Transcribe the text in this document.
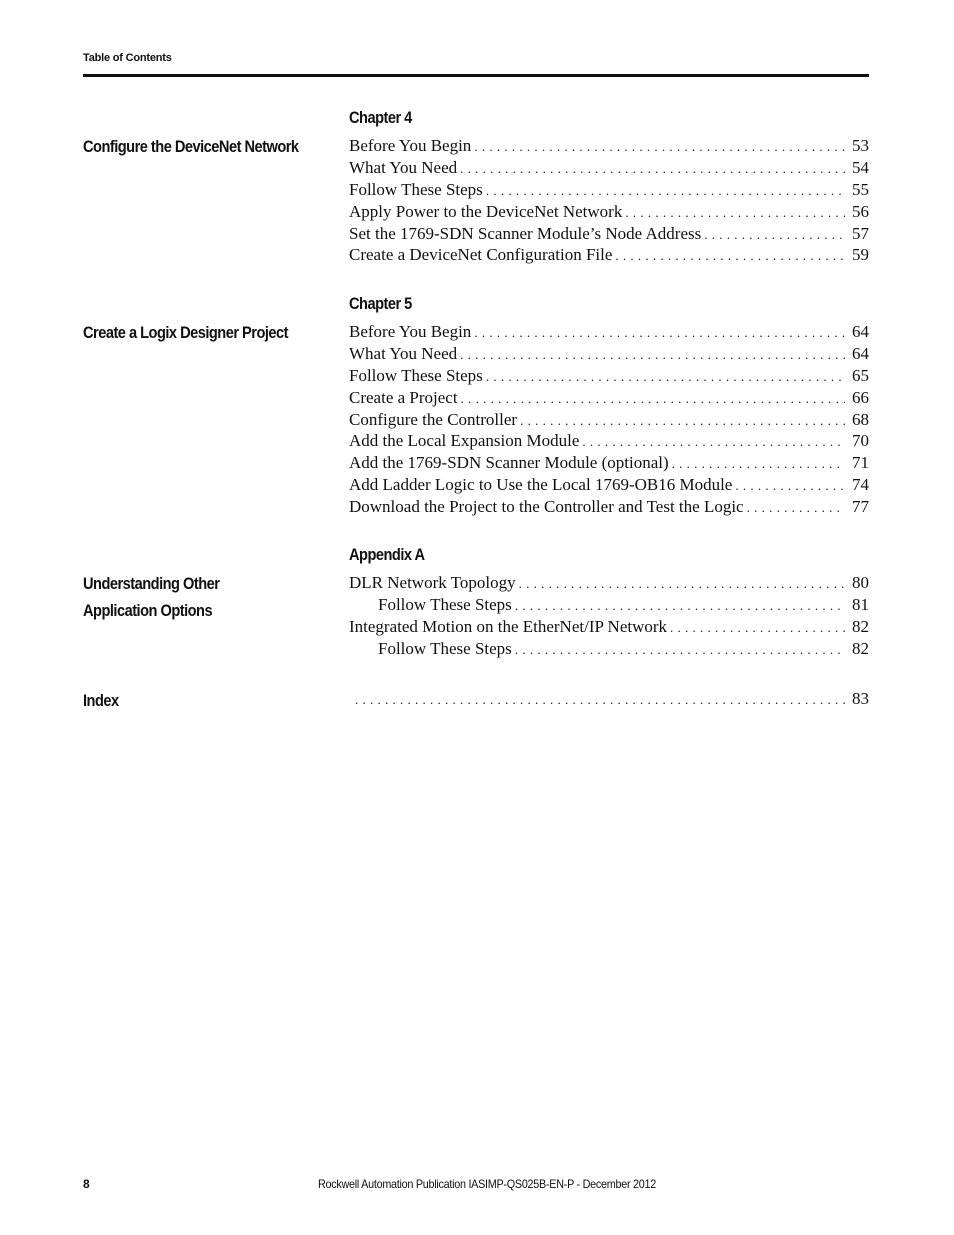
Table of Contents
Chapter 4
Configure the DeviceNet Network	Before You Begin . . .	53
What You Need . . .	54
Follow These Steps . . .	55
Apply Power to the DeviceNet Network . . .	56
Set the 1769-SDN Scanner Module’s Node Address . . .	57
Create a DeviceNet Configuration File . . .	59
Chapter 5
Create a Logix Designer Project	Before You Begin . . .	64
What You Need . . .	64
Follow These Steps . . .	65
Create a Project . . .	66
Configure the Controller . . .	68
Add the Local Expansion Module . . .	70
Add the 1769-SDN Scanner Module (optional) . . .	71
Add Ladder Logic to Use the Local 1769-OB16 Module . . .	74
Download the Project to the Controller and Test the Logic . . .	77
Appendix A
Understanding Other
Application Options
DLR Network Topology . . .	80
Follow These Steps . . .	81
Integrated Motion on the EtherNet/IP Network . . .	82
Follow These Steps . . .	82
Index . . .	83
8	Rockwell Automation Publication IASIMP-QS025B-EN-P - December 2012
